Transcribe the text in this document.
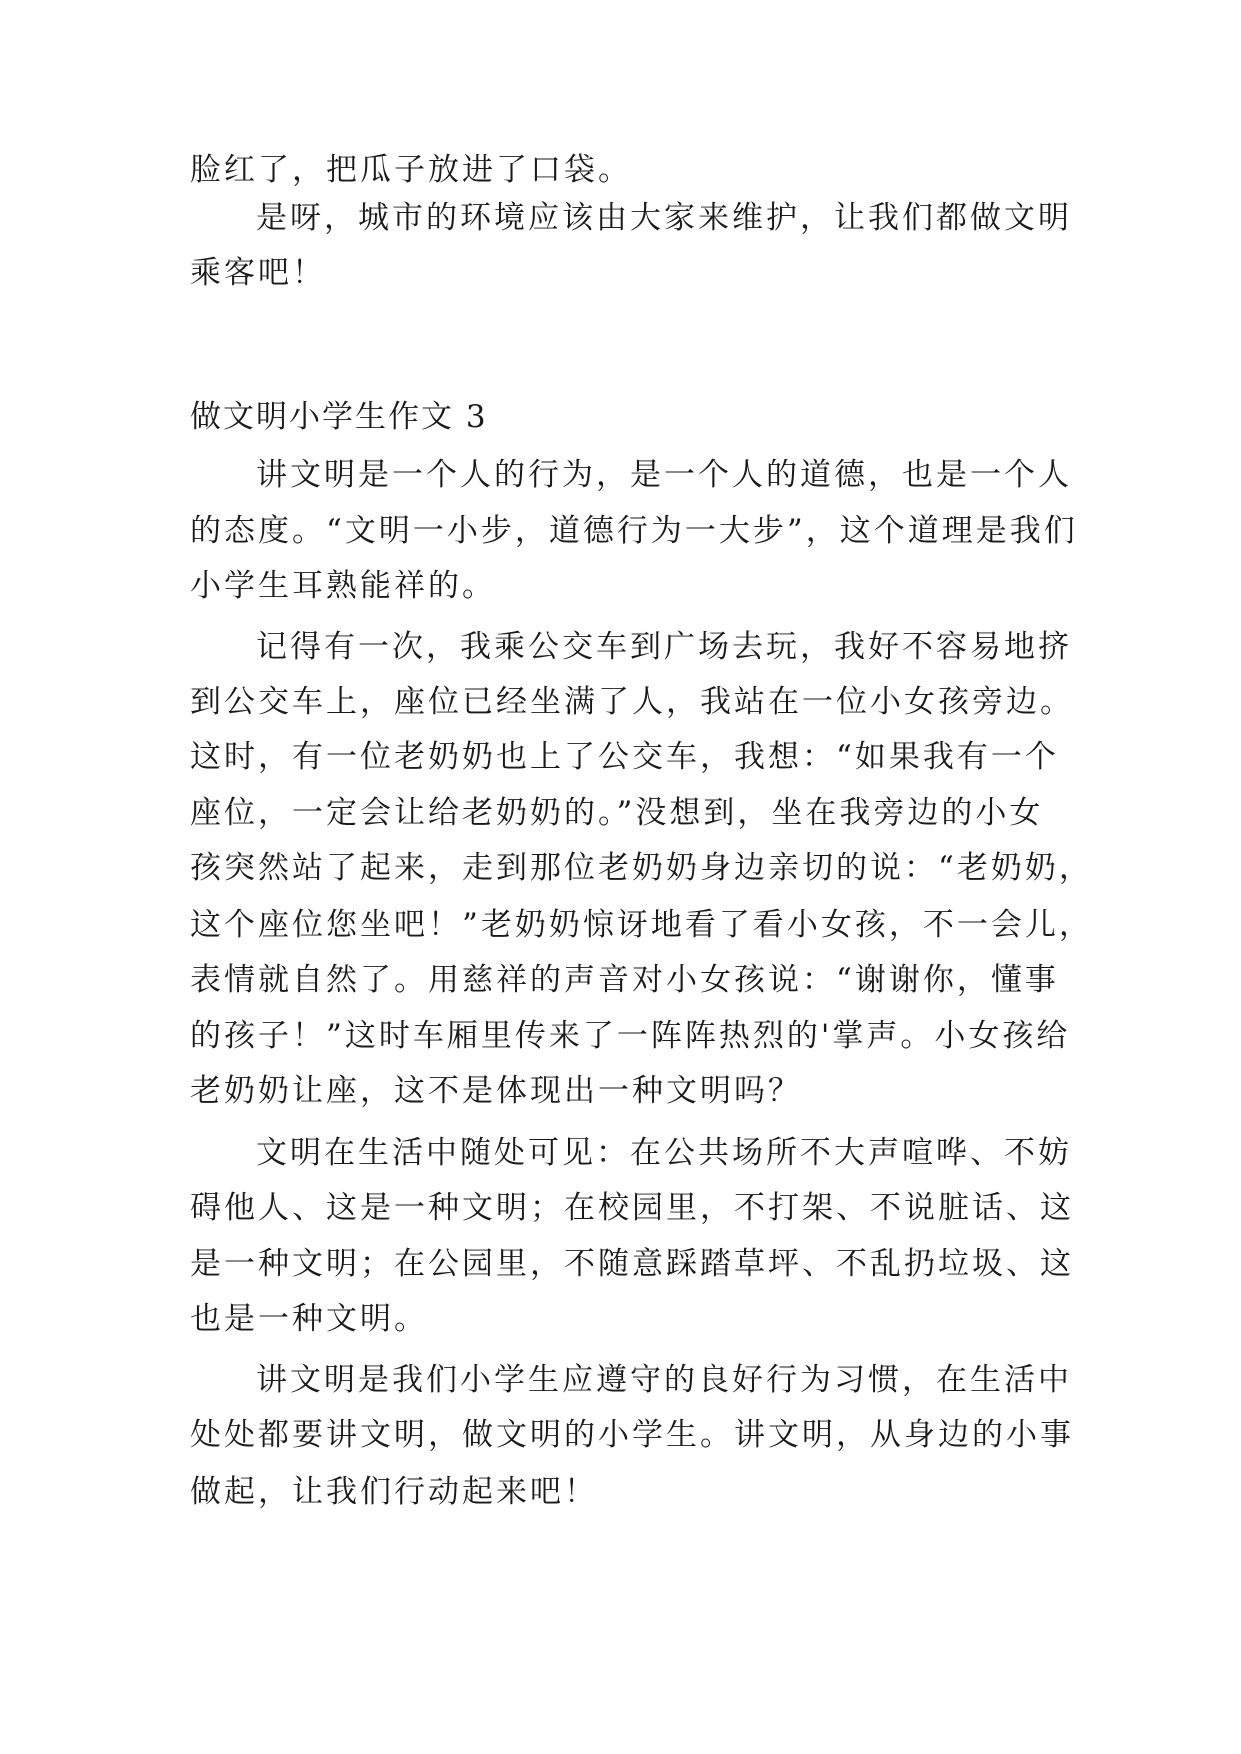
脸红了，把瓜子放进了口袋。
是呀，城市的环境应该由大家来维护，让我们都做文明
乘客吧！
做文明小学生作文 3
讲文明是一个人的行为，是一个人的道德，也是一个人
的态度。“文明一小步，道德行为一大步”，这个道理是我们
小学生耳熟能祥的。
记得有一次，我乘公交车到广场去玩，我好不容易地挤
到公交车上，座位已经坐满了人，我站在一位小女孩旁边。
这时，有一位老奶奶也上了公交车，我想：“如果我有一个
座位，一定会让给老奶奶的。”没想到，坐在我旁边的小女
孩突然站了起来，走到那位老奶奶身边亲切的说：“老奶奶，
这个座位您坐吧！”老奶奶惊讶地看了看小女孩，不一会儿，
表情就自然了。用慈祥的声音对小女孩说：“谢谢你，懂事
的孩子！”这时车厢里传来了一阵阵热烈的'掌声。小女孩给
老奶奶让座，这不是体现出一种文明吗？
文明在生活中随处可见：在公共场所不大声喧哗、不妨
碍他人、这是一种文明；在校园里，不打架、不说脏话、这
是一种文明；在公园里，不随意踩踏草坪、不乱扔垃圾、这
也是一种文明。
讲文明是我们小学生应遵守的良好行为习惯，在生活中
处处都要讲文明，做文明的小学生。讲文明，从身边的小事
做起，让我们行动起来吧！
